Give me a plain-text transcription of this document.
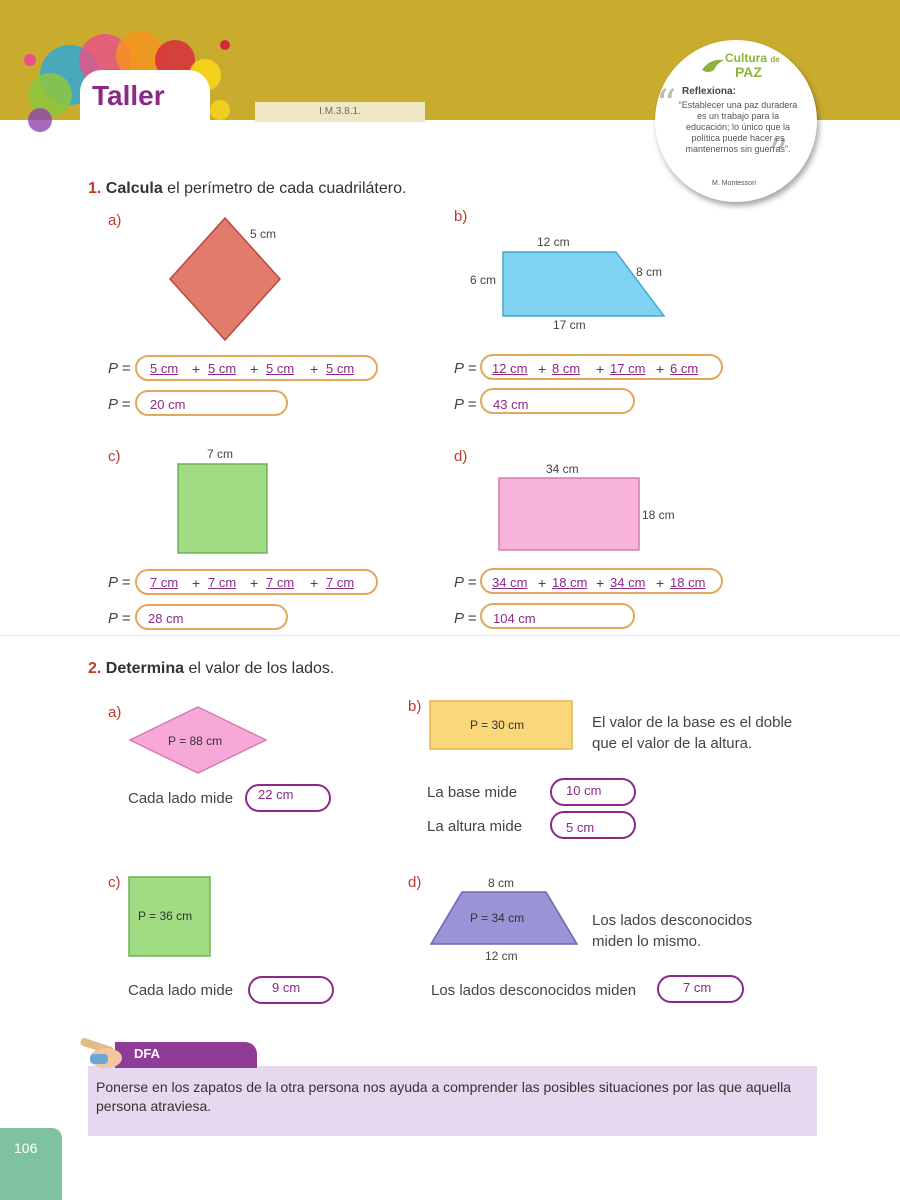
Taller
I.M.3.8.1.
Cultura de
PAZ
Reflexiona:
“
”
“Establecer una paz duradera es un trabajo para la educación; lo único que la política puede hacer es mantenernos sin guerras”.
M. Montessori
1. Calcula el perímetro de cada cuadrilátero.
a)
5 cm
P = 5 cm + 5 cm + 5 cm + 5 cm
P = 20 cm
b)
12 cm
6 cm
8 cm
17 cm
P = 12 cm + 8 cm + 17 cm + 6 cm
P = 43 cm
c)	7 cm
P = 7 cm + 7 cm + 7 cm + 7 cm
P = 28 cm
d)
34 cm
18 cm
P = 34 cm + 18 cm + 34 cm + 18 cm
P = 104 cm
2. Determina el valor de los lados.
a)
P = 88 cm
Cada lado mide 22 cm
b)
P = 30 cm	El valor de la base es el doble que el valor de la altura.
La base mide	10 cm
La altura mide	5 cm
c)
P = 36 cm
Cada lado mide	9 cm
d)	8 cm
P = 34 cm
12 cm
Los lados desconocidos miden lo mismo.
Los lados desconocidos miden	7 cm
DFA
Ponerse en los zapatos de la otra persona nos ayuda a comprender las posibles situaciones por las que aquella persona atraviesa.
106
